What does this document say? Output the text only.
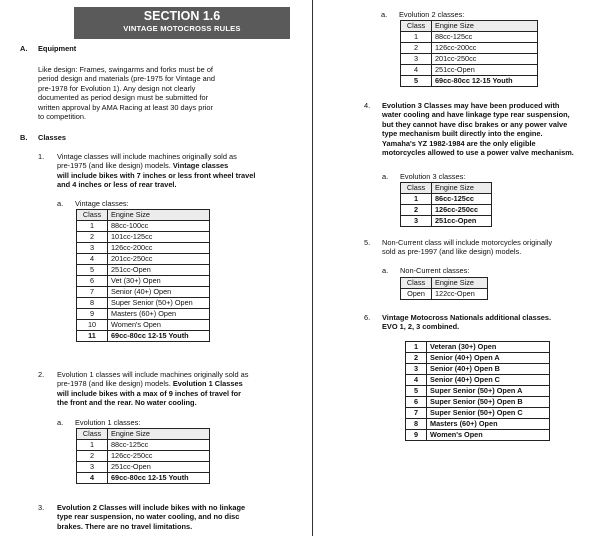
SECTION 1.6
VINTAGE MOTOCROSS RULES
A. Equipment

Like design: Frames, swingarms and forks must be of

period design and materials (pre-1975 for Vintage and

pre-1978 for Evolution 1). Any design not clearly

documented as period design must be submitted for

written approval by AMA Racing at least 30 days prior

to competition.

B. Classes
1. Vintage classes will include machines originally sold as

pre-1975 (and like design) models. Vintage classes

will include bikes with 7 inches or less front wheel travel

and 4 inches or less of rear travel.

a. Vintage classes:
Class	Engine Size
1	88cc-100cc
2	101cc-125cc
3	126cc-200cc
4	201cc-250cc
5	251cc-Open
6	Vet (30+) Open
7	Senior (40+) Open
8	Super Senior (50+) Open
9	Masters (60+) Open
10	Women's Open
11	69cc-80cc 12-15 Youth
2. Evolution 1 classes will include machines originally sold as

pre-1978 (and like design) models. Evolution 1 Classes

will include bikes with a max of 9 inches of travel for

the front and the rear. No water cooling.

a. Evolution 1 classes:
Class	Engine Size
1	88cc-125cc
2	126cc-250cc
3	251cc-Open
4	69cc-80cc 12-15 Youth
3. Evolution 2 Classes will include bikes with no linkage

type rear suspension, no water cooling, and no disc

brakes. There are no travel limitations.

a. Evolution 2 classes:
Class	Engine Size
1	88cc-125cc
2	126cc-200cc
3	201cc-250cc
4	251cc-Open
5	69cc-80cc 12-15 Youth
4. Evolution 3 Classes may have been produced with

water cooling and have linkage type rear suspension,

but they cannot have disc brakes or any power valve

type mechanism built directly into the engine.

Yamaha's YZ 1982-1984 are the only eligible

motorcycles allowed to use a power valve mechanism.

a. Evolution 3 classes:
Class	Engine Size
1	86cc-125cc
2	126cc-250cc
3	251cc-Open
5. Non-Current class will include motorcycles originally

sold as pre-1997 (and like design) models.

a. Non-Current classes:
Class	Engine Size
Open	122cc-Open
6. Vintage Motocross Nationals additional classes.

EVO 1, 2, 3 combined.

1	Veteran (30+) Open
2	Senior (40+) Open A
3	Senior (40+) Open B
4	Senior (40+) Open C
5	Super Senior (50+) Open A
6	Super Senior (50+) Open B
7	Super Senior (50+) Open C
8	Masters (60+) Open
9	Women's Open
